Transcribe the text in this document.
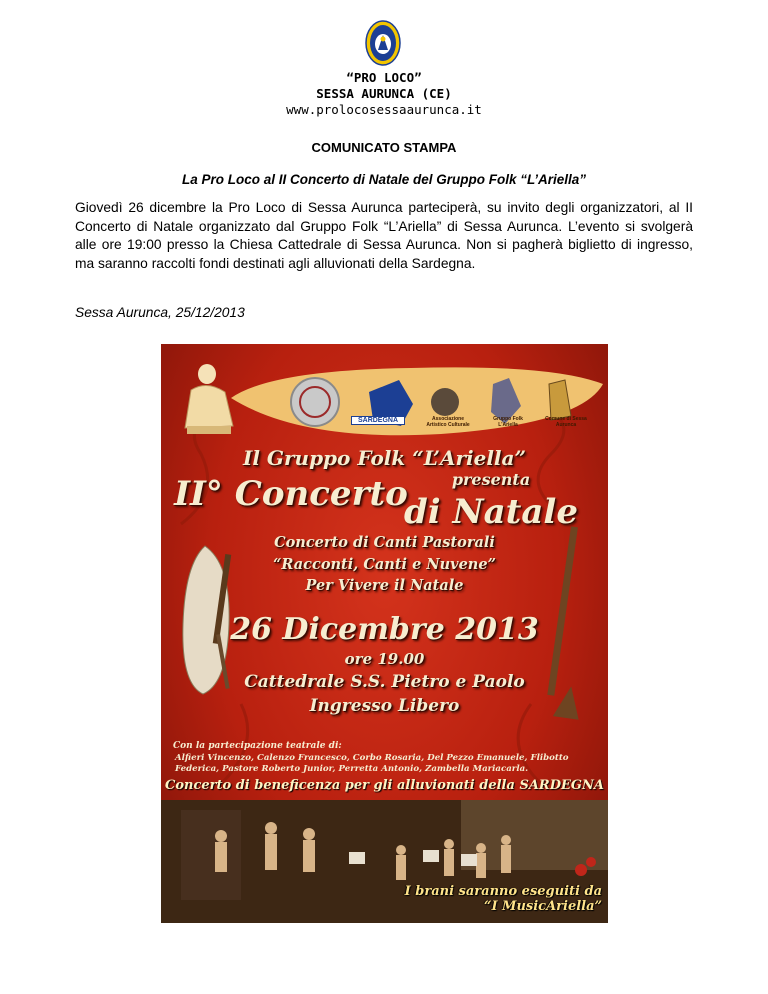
“PRO LOCO”
SESSA AURUNCA (CE)
www.prolocosessaaurunca.it
COMUNICATO STAMPA
La Pro Loco al II Concerto di Natale del Gruppo Folk “L’Ariella”
Giovedì 26 dicembre la Pro Loco di Sessa Aurunca parteciperà, su invito degli organizzatori, al II Concerto di Natale organizzato dal Gruppo Folk “L’Ariella” di Sessa Aurunca. L’evento si svolgerà alle ore 19:00 presso la Chiesa Cattedrale di Sessa Aurunca. Non si pagherà biglietto di ingresso, ma saranno raccolti fondi destinati agli alluvionati della Sardegna.
Sessa Aurunca, 25/12/2013
SARDEGNA	Associazione Artistico Culturale
Gruppo Folk L'Ariella
Comune di Sessa Aurunca
Il Gruppo Folk “L’Ariella”
presenta
II° Concerto
di Natale
Concerto di Canti Pastorali
“Racconti, Canti e Nuvene”
Per Vivere il Natale
26 Dicembre 2013
ore 19.00
Cattedrale S.S. Pietro e Paolo
Ingresso Libero
Con la partecipazione teatrale di:
Alfieri Vincenzo, Calenzo Francesco, Corbo Rosaria, Del Pezzo Emanuele, Flibotto Federica, Pastore Roberto Junior, Perretta Antonio, Zambella Mariacarla.
Concerto di beneficenza per gli alluvionati della SARDEGNA
I brani saranno eseguiti da
“I MusicAriella”
